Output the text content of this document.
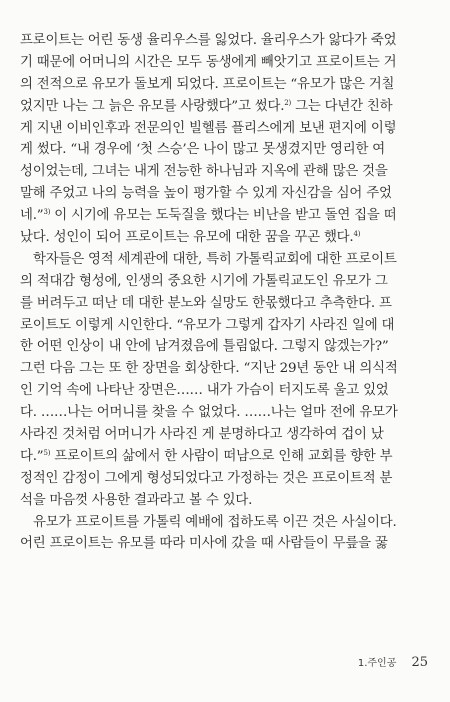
프로이트는 어린 동생 율리우스를 잃었다. 율리우스가 앓다가 죽었
기 때문에 어머니의 시간은 모두 동생에게 빼앗기고 프로이트는 거
의 전적으로 유모가 돌보게 되었다. 프로이트는 “유모가 많은 거칠
었지만 나는 그 늙은 유모를 사랑했다”고 썼다.$^{2)}$ 그는 다년간 친하
게 지낸 이비인후과 전문의인 빌헬름 플리스에게 보낸 편지에 이렇
게 썼다. “내 경우에 ‘첫 스승’은 나이 많고 못생겼지만 영리한 여
성이었는데, 그녀는 내게 전능한 하나님과 지옥에 관해 많은 것을
말해 주었고 나의 능력을 높이 평가할 수 있게 자신감을 심어 주었
네.”$^{3)}$ 이 시기에 유모는 도둑질을 했다는 비난을 받고 돌연 집을 떠
났다. 성인이 되어 프로이트는 유모에 대한 꿈을 꾸곤 했다.$^{4)}$
학자들은 영적 세계관에 대한, 특히 가톨릭교회에 대한 프로이트
의 적대감 형성에, 인생의 중요한 시기에 가톨릭교도인 유모가 그
를 버려두고 떠난 데 대한 분노와 실망도 한몫했다고 추측한다. 프
로이트도 이렇게 시인한다. “유모가 그렇게 갑자기 사라진 일에 대
한 어떤 인상이 내 안에 남겨졌음에 틀림없다. 그렇지 않겠는가?”
그런 다음 그는 또 한 장면을 회상한다. “지난 29년 동안 내 의식적
인 기억 속에 나타난 장면은…… 내가 가슴이 터지도록 울고 있었
다. ……나는 어머니를 찾을 수 없었다. ……나는 얼마 전에 유모가
사라진 것처럼 어머니가 사라진 게 분명하다고 생각하여 겁이 났
다.”$^{5)}$ 프로이트의 삶에서 한 사람이 떠남으로 인해 교회를 향한 부
정적인 감정이 그에게 형성되었다고 가정하는 것은 프로이트적 분
석을 마음껏 사용한 결과라고 볼 수 있다.
유모가 프로이트를 가톨릭 예배에 접하도록 이끈 것은 사실이다.
어린 프로이트는 유모를 따라 미사에 갔을 때 사람들이 무릎을 꿇
1.주인공 25
